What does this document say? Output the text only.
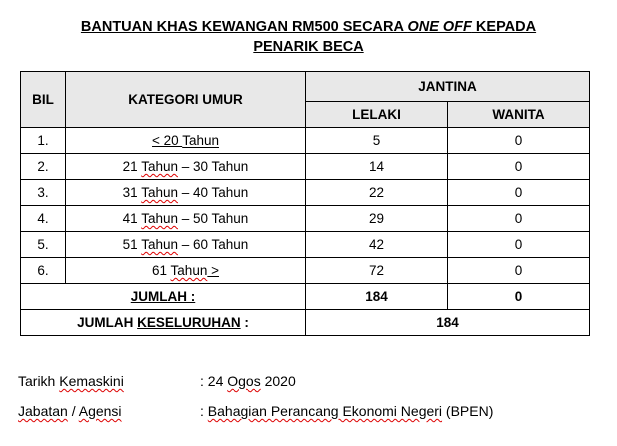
BANTUAN KHAS KEWANGAN RM500 SECARA ONE OFF KEPADA
PENARIK BECA
BIL	KATEGORI UMUR	JANTINA	
		LELAKI	WANITA
1.	< 20 Tahun	5	0
2.	21 Tahun – 30 Tahun	14	0
3.	31 Tahun – 40 Tahun	22	0
4.	41 Tahun – 50 Tahun	29	0
5.	51 Tahun – 60 Tahun	42	0
6.	61 Tahun >	72	0
JUMLAH :		184	0
JUMLAH KESELURUHAN :		184	
Tarikh Kemaskini	: 24 Ogos 2020
Jabatan / Agensi	: Bahagian Perancang Ekonomi Negeri (BPEN)
